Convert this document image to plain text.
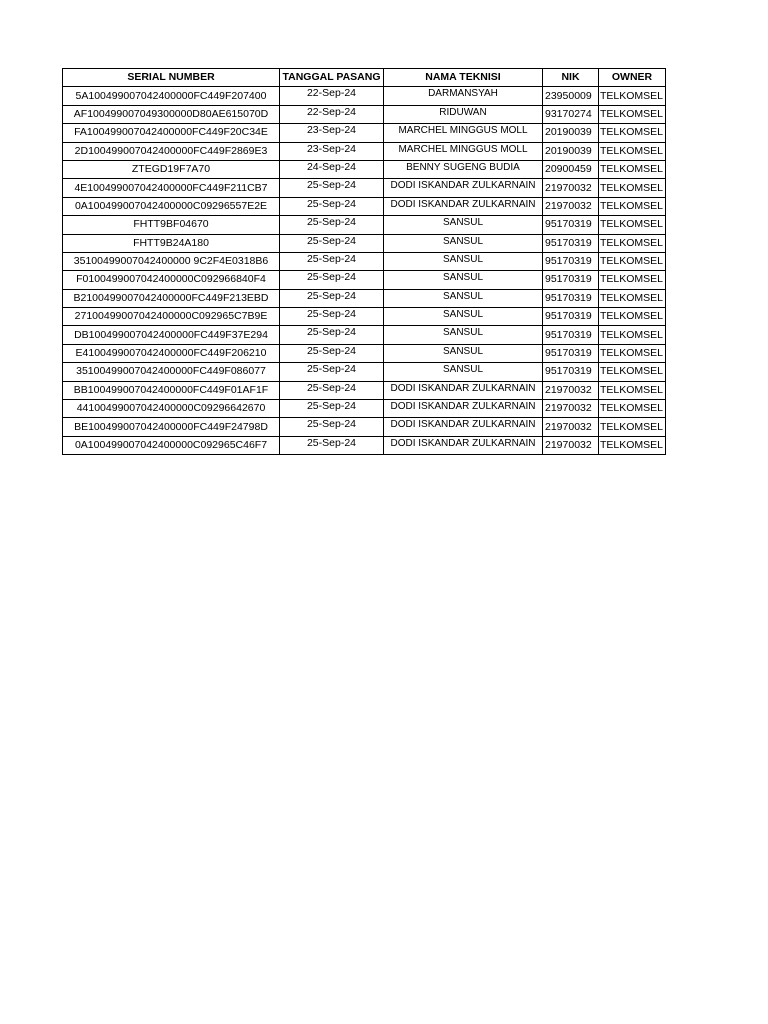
SERIAL NUMBER	TANGGAL PASANG	NAMA TEKNISI	NIK	OWNER
5A100499007042400000FC449F207400	22-Sep-24	DARMANSYAH	23950009	TELKOMSEL
AF100499007049300000D80AE615070D	22-Sep-24	RIDUWAN	93170274	TELKOMSEL
FA100499007042400000FC449F20C34E	23-Sep-24	MARCHEL MINGGUS MOLL	20190039	TELKOMSEL
2D100499007042400000FC449F2869E3	23-Sep-24	MARCHEL MINGGUS MOLL	20190039	TELKOMSEL
ZTEGD19F7A70	24-Sep-24	BENNY SUGENG BUDIA	20900459	TELKOMSEL
4E100499007042400000FC449F211CB7	25-Sep-24	DODI ISKANDAR ZULKARNAIN	21970032	TELKOMSEL
0A100499007042400000C09296557E2E	25-Sep-24	DODI ISKANDAR ZULKARNAIN	21970032	TELKOMSEL
FHTT9BF04670	25-Sep-24	SANSUL	95170319	TELKOMSEL
FHTT9B24A180	25-Sep-24	SANSUL	95170319	TELKOMSEL
35100499007042400000 9C2F4E0318B6	25-Sep-24	SANSUL	95170319	TELKOMSEL
F0100499007042400000C092966840F4	25-Sep-24	SANSUL	95170319	TELKOMSEL
B2100499007042400000FC449F213EBD	25-Sep-24	SANSUL	95170319	TELKOMSEL
27100499007042400000C092965C7B9E	25-Sep-24	SANSUL	95170319	TELKOMSEL
DB100499007042400000FC449F37E294	25-Sep-24	SANSUL	95170319	TELKOMSEL
E4100499007042400000FC449F206210	25-Sep-24	SANSUL	95170319	TELKOMSEL
35100499007042400000FC449F086077	25-Sep-24	SANSUL	95170319	TELKOMSEL
BB100499007042400000FC449F01AF1F	25-Sep-24	DODI ISKANDAR ZULKARNAIN	21970032	TELKOMSEL
44100499007042400000C09296642670	25-Sep-24	DODI ISKANDAR ZULKARNAIN	21970032	TELKOMSEL
BE100499007042400000FC449F24798D	25-Sep-24	DODI ISKANDAR ZULKARNAIN	21970032	TELKOMSEL
0A100499007042400000C092965C46F7	25-Sep-24	DODI ISKANDAR ZULKARNAIN	21970032	TELKOMSEL
